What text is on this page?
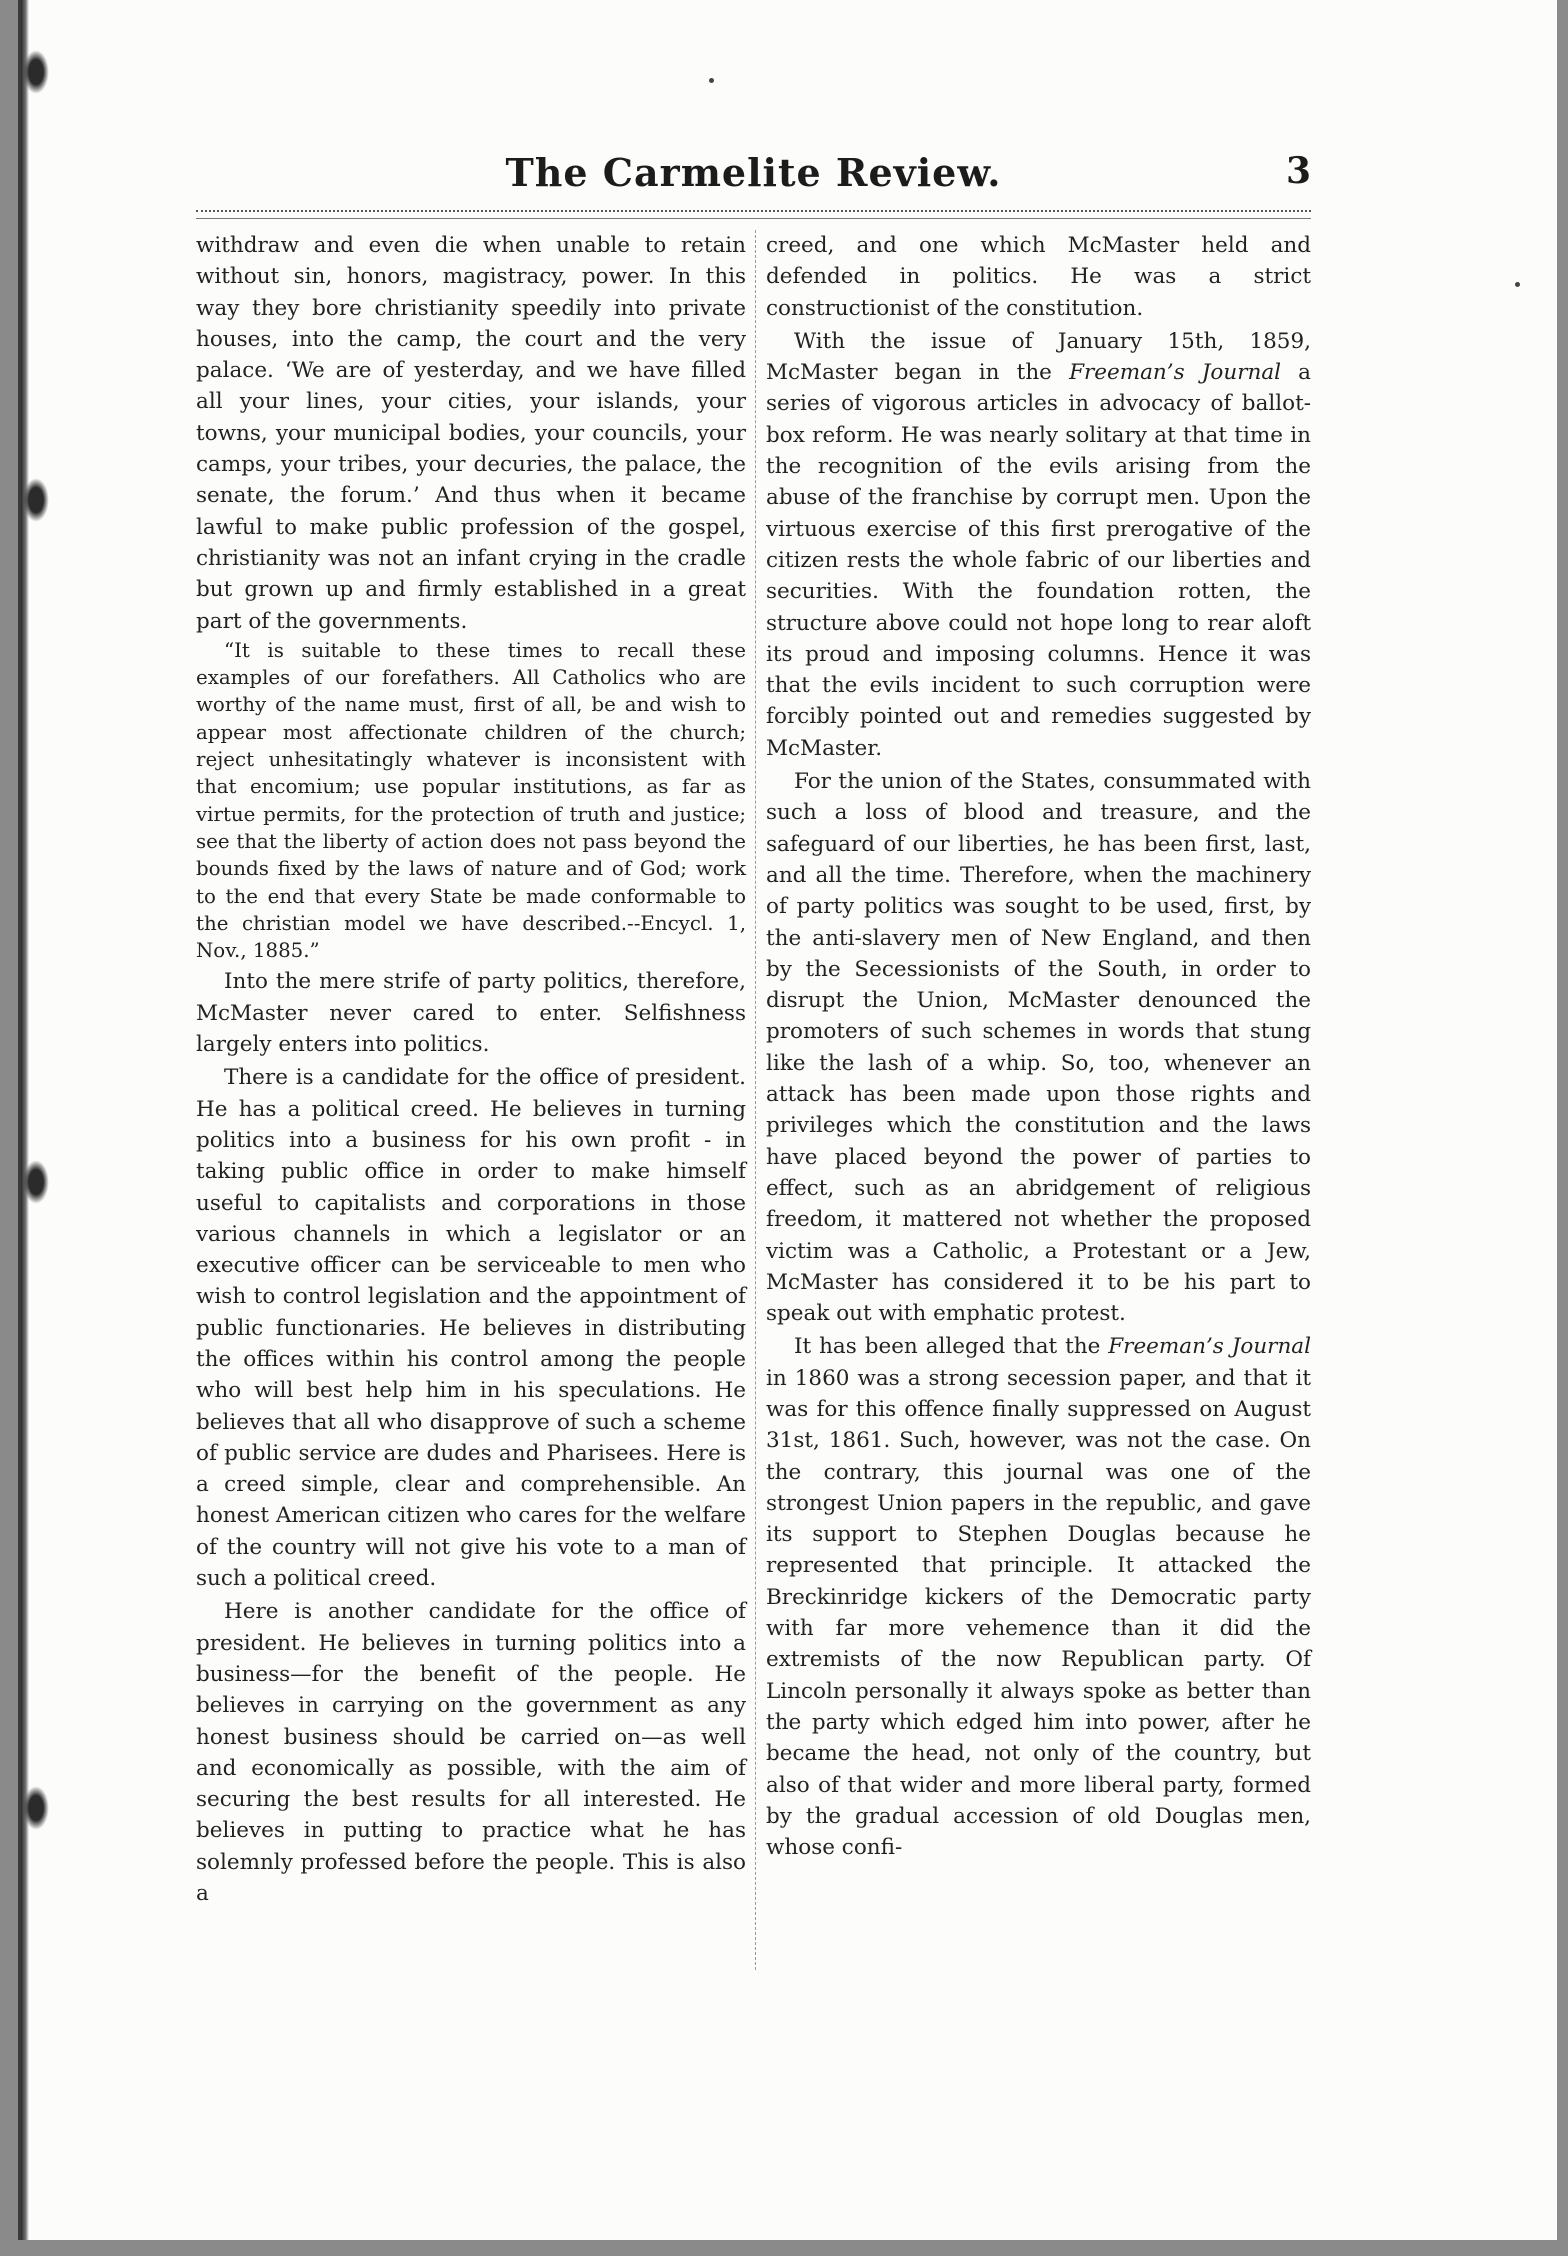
The Carmelite Review.	3

withdraw and even die when unable to retain without sin, honors, magistracy, power. In this way they bore christianity speedily into private houses, into the camp, the court and the very palace. ‘We are of yesterday, and we have filled all your lines, your cities, your islands, your towns, your municipal bodies, your councils, your camps, your tribes, your decuries, the palace, the senate, the forum.’ And thus when it became lawful to make public profession of the gospel, christianity was not an infant crying in the cradle but grown up and firmly established in a great part of the governments.

“It is suitable to these times to recall these examples of our forefathers. All Catholics who are worthy of the name must, first of all, be and wish to appear most affectionate children of the church; reject unhesitatingly whatever is inconsistent with that encomium; use popular institutions, as far as virtue permits, for the protection of truth and justice; see that the liberty of action does not pass beyond the bounds fixed by the laws of nature and of God; work to the end that every State be made conformable to the christian model we have described.--Encycl. 1, Nov., 1885.”

Into the mere strife of party politics, therefore, McMaster never cared to enter. Selfishness largely enters into politics.

There is a candidate for the office of president. He has a political creed. He believes in turning politics into a business for his own profit - in taking public office in order to make himself useful to capitalists and corporations in those various channels in which a legislator or an executive officer can be serviceable to men who wish to control legislation and the appointment of public functionaries. He believes in distributing the offices within his control among the people who will best help him in his speculations. He believes that all who disapprove of such a scheme of public service are dudes and Pharisees. Here is a creed simple, clear and comprehensible. An honest American citizen who cares for the welfare of the country will not give his vote to a man of such a political creed.

Here is another candidate for the office of president. He believes in turning politics into a business—for the benefit of the people. He believes in carrying on the government as any honest business should be carried on—as well and economically as possible, with the aim of securing the best results for all interested. He believes in putting to practice what he has solemnly professed before the people. This is also a

creed, and one which McMaster held and defended in politics. He was a strict constructionist of the constitution.

With the issue of January 15th, 1859, McMaster began in the Freeman’s Journal a series of vigorous articles in advocacy of ballot-box reform. He was nearly solitary at that time in the recognition of the evils arising from the abuse of the franchise by corrupt men. Upon the virtuous exercise of this first prerogative of the citizen rests the whole fabric of our liberties and securities. With the foundation rotten, the structure above could not hope long to rear aloft its proud and imposing columns. Hence it was that the evils incident to such corruption were forcibly pointed out and remedies suggested by McMaster.

For the union of the States, consummated with such a loss of blood and treasure, and the safeguard of our liberties, he has been first, last, and all the time. Therefore, when the machinery of party politics was sought to be used, first, by the anti-slavery men of New England, and then by the Secessionists of the South, in order to disrupt the Union, McMaster denounced the promoters of such schemes in words that stung like the lash of a whip. So, too, whenever an attack has been made upon those rights and privileges which the constitution and the laws have placed beyond the power of parties to effect, such as an abridgement of religious freedom, it mattered not whether the proposed victim was a Catholic, a Protestant or a Jew, McMaster has considered it to be his part to speak out with emphatic protest.

It has been alleged that the Freeman’s Journal in 1860 was a strong secession paper, and that it was for this offence finally suppressed on August 31st, 1861. Such, however, was not the case. On the contrary, this journal was one of the strongest Union papers in the republic, and gave its support to Stephen Douglas because he represented that principle. It attacked the Breckinridge kickers of the Democratic party with far more vehemence than it did the extremists of the now Republican party. Of Lincoln personally it always spoke as better than the party which edged him into power, after he became the head, not only of the country, but also of that wider and more liberal party, formed by the gradual accession of old Douglas men, whose confi-
